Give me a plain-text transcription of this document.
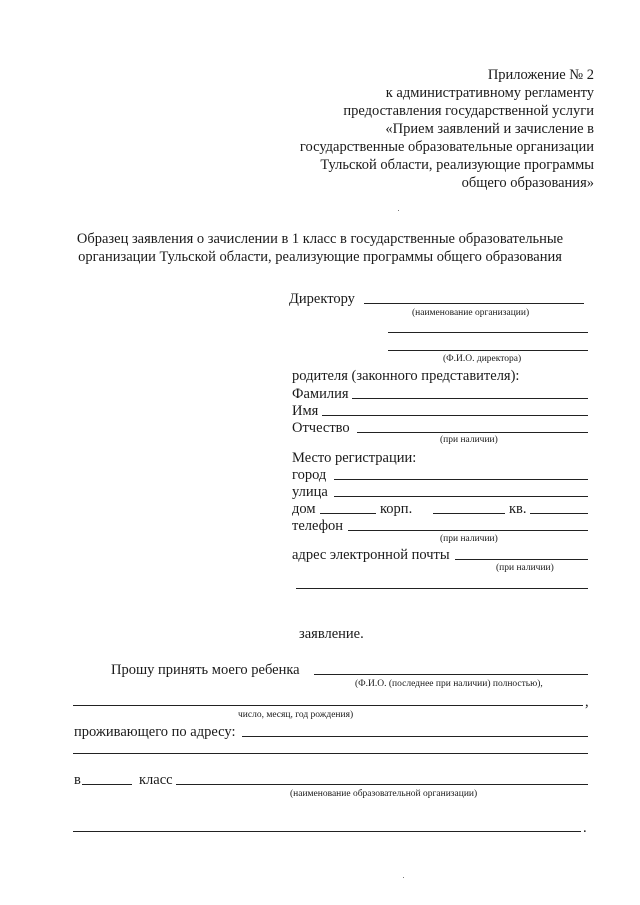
Приложение № 2
к административному регламенту
предоставления государственной услуги
«Прием заявлений и зачисление в
государственные образовательные организации
Тульской области, реализующие программы
общего образования»
Образец заявления о зачислении в 1 класс в государственные образовательные
организации Тульской области, реализующие программы общего образования
Директору
(наименование организации)
(Ф.И.О. директора)
родителя (законного представителя):
Фамилия
Имя
Отчество
(при наличии)
Место регистрации:
город
улица
дом	корп.	кв.
телефон
(при наличии)
адрес электронной почты
(при наличии)
заявление.
Прошу принять моего ребенка
(Ф.И.О. (последнее при наличии) полностью),
,
число, месяц, год рождения)
проживающего по адресу:
в	класс
(наименование образовательной организации)
.
